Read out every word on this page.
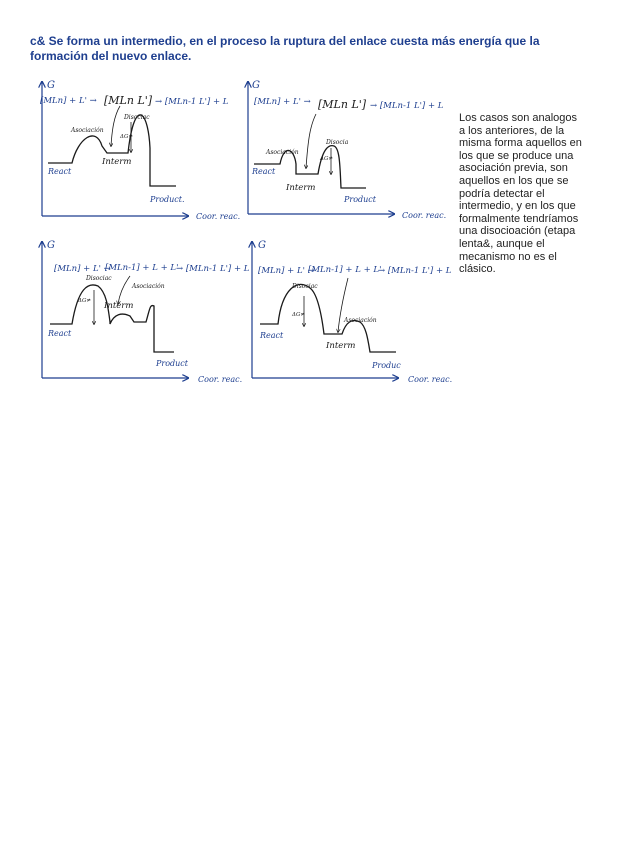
c& Se forma un intermedio, en el proceso la ruptura del enlace cuesta más energía que la formación del nuevo enlace.
G
Coor. reac.
[MLn] + L' → [MLn L'] → [MLn-1 L'] + L
React
Product.
Interm
Asociación
Disociac
ΔG≠
G
Coor. reac.
[MLn] + L' → [MLn L'] → [MLn-1 L'] + L
React
Product
Interm
Asociación
Disocia
ΔG≠
G
Coor. reac.
[MLn] + L' →
[MLn-1] + L + L'
→ [MLn-1 L'] + L
React
Product
Interm
Disociac
Asociación
ΔG≠
G
Coor. reac.
[MLn] + L' →
[MLn-1] + L + L'
→ [MLn-1 L'] + L
React
Produc
Interm
Disociac
Asociación
ΔG≠
Los casos son analogos a los anteriores, de la misma forma aquellos en los que se produce una asociación previa, son aquellos en los que se podría detectar el intermedio, y en los que formalmente tendríamos una disocioación (etapa lenta&, aunque el mecanismo no es el clásico.
